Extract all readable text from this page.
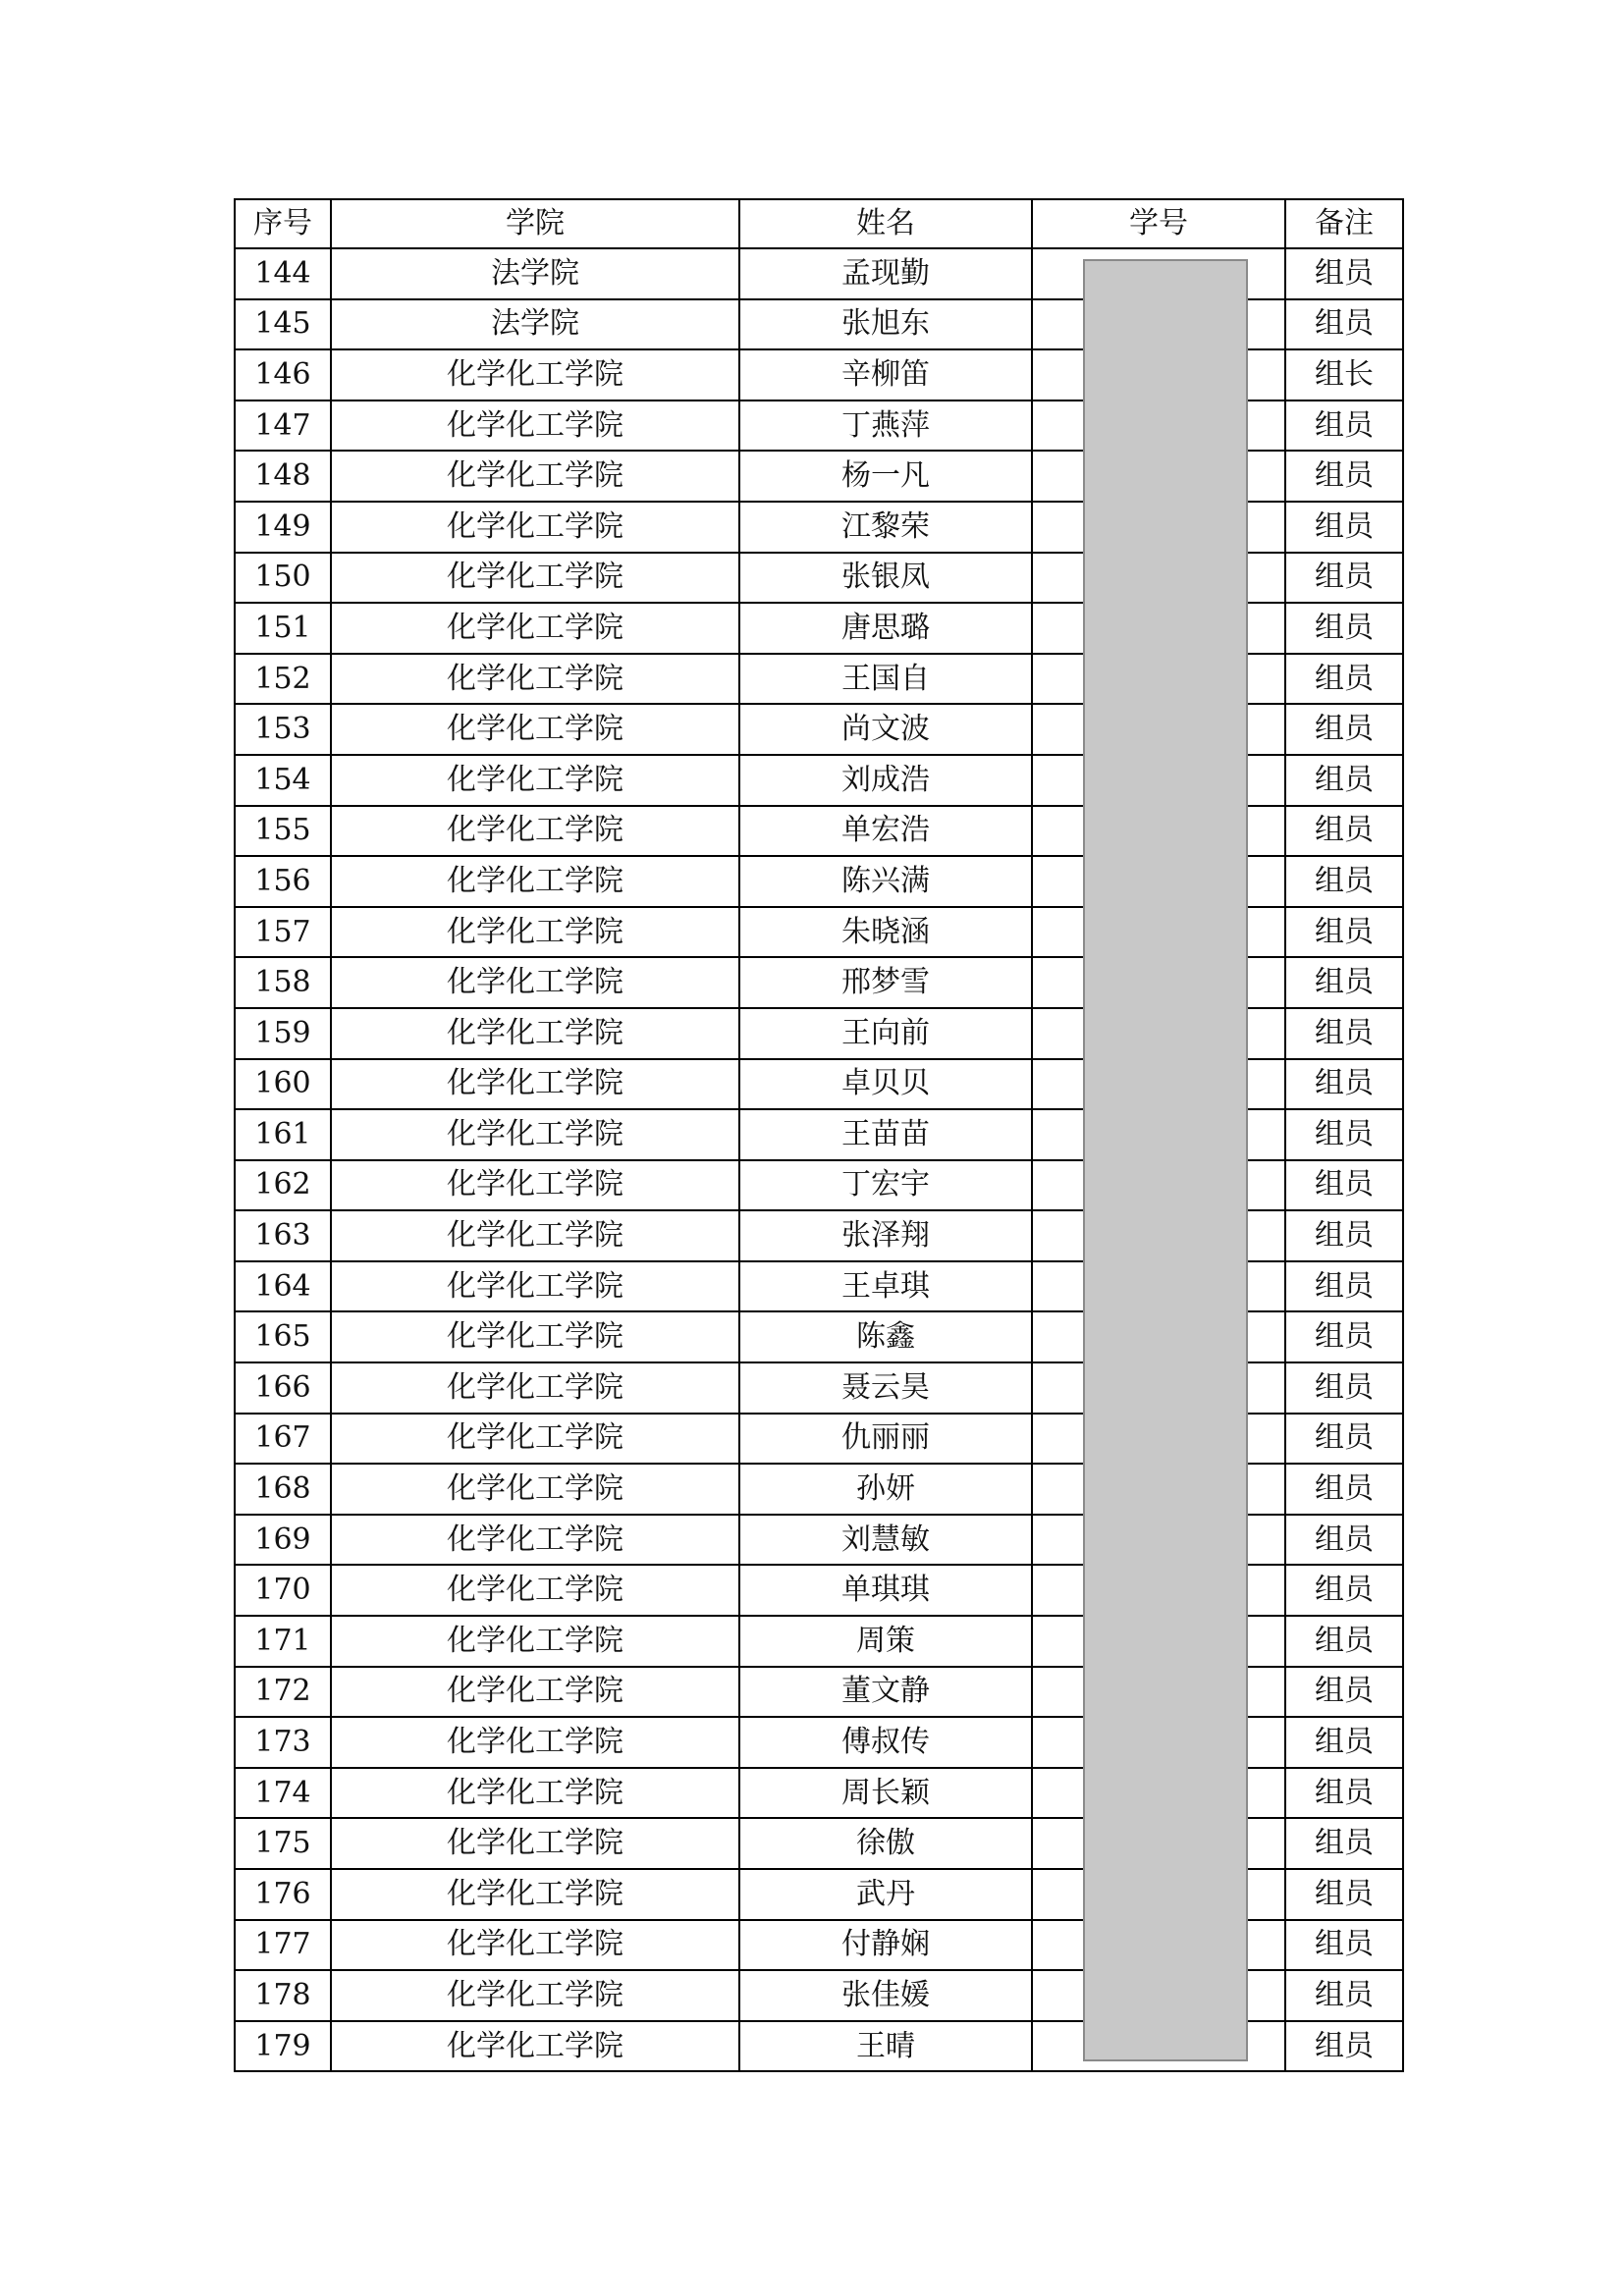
序号	学院	姓名	学号	备注
144	法学院	孟现勤		组员
145	法学院	张旭东		组员
146	化学化工学院	辛柳笛		组长
147	化学化工学院	丁燕萍		组员
148	化学化工学院	杨一凡		组员
149	化学化工学院	江黎荣		组员
150	化学化工学院	张银凤		组员
151	化学化工学院	唐思璐		组员
152	化学化工学院	王国自		组员
153	化学化工学院	尚文波		组员
154	化学化工学院	刘成浩		组员
155	化学化工学院	单宏浩		组员
156	化学化工学院	陈兴满		组员
157	化学化工学院	朱晓涵		组员
158	化学化工学院	邢梦雪		组员
159	化学化工学院	王向前		组员
160	化学化工学院	卓贝贝		组员
161	化学化工学院	王苗苗		组员
162	化学化工学院	丁宏宇		组员
163	化学化工学院	张泽翔		组员
164	化学化工学院	王卓琪		组员
165	化学化工学院	陈鑫		组员
166	化学化工学院	聂云昊		组员
167	化学化工学院	仇丽丽		组员
168	化学化工学院	孙妍		组员
169	化学化工学院	刘慧敏		组员
170	化学化工学院	单琪琪		组员
171	化学化工学院	周策		组员
172	化学化工学院	董文静		组员
173	化学化工学院	傅叔传		组员
174	化学化工学院	周长颖		组员
175	化学化工学院	徐傲		组员
176	化学化工学院	武丹		组员
177	化学化工学院	付静娴		组员
178	化学化工学院	张佳媛		组员
179	化学化工学院	王晴		组员
